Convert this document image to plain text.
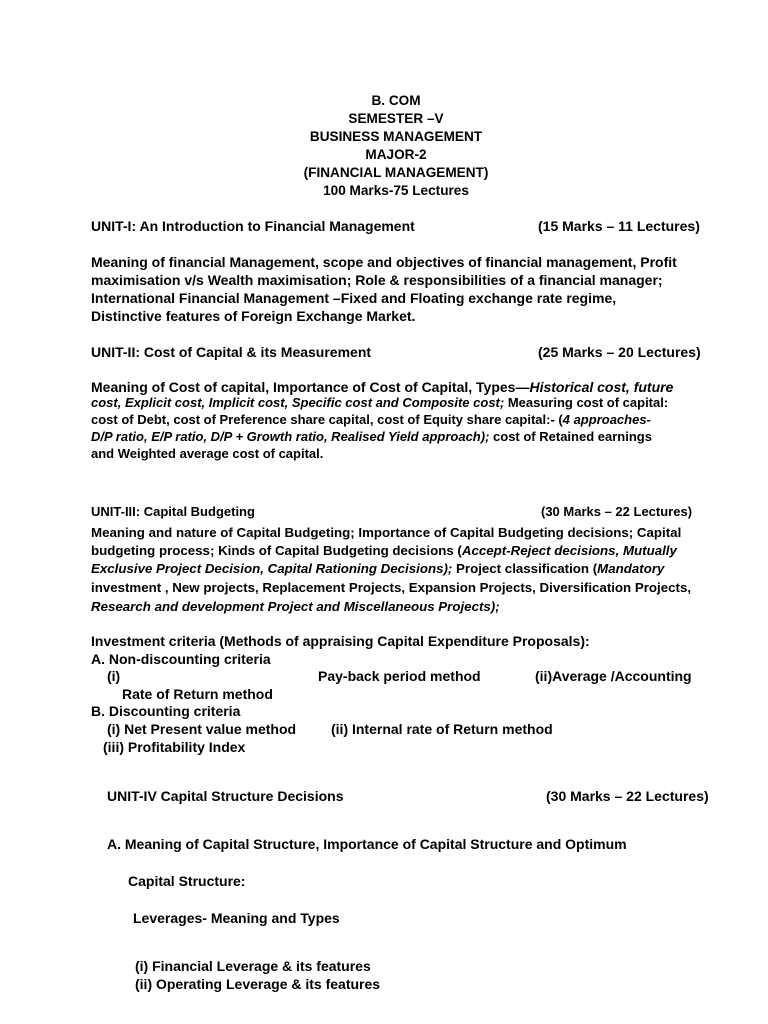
B. COM
SEMESTER –V
BUSINESS MANAGEMENT
MAJOR-2
(FINANCIAL MANAGEMENT)
100 Marks-75 Lectures
UNIT-I: An Introduction to Financial Management	(15 Marks – 11 Lectures)
Meaning of financial Management, scope and objectives of financial management, Profit
maximisation v/s Wealth maximisation; Role & responsibilities of a financial manager;
International Financial Management –Fixed and Floating exchange rate regime,
Distinctive features of Foreign Exchange Market.
UNIT-II: Cost of Capital & its Measurement	(25 Marks – 20 Lectures)
Meaning of Cost of capital, Importance of Cost of Capital, Types—Historical cost, future
cost, Explicit cost, Implicit cost, Specific cost and Composite cost; Measuring cost of capital:
cost of Debt, cost of Preference share capital, cost of Equity share capital:- (4 approaches-
D/P ratio, E/P ratio, D/P + Growth ratio, Realised Yield approach); cost of Retained earnings
and Weighted average cost of capital.
UNIT-III: Capital Budgeting	(30 Marks – 22 Lectures)
Meaning and nature of Capital Budgeting; Importance of Capital Budgeting decisions; Capital
budgeting process; Kinds of Capital Budgeting decisions (Accept-Reject decisions, Mutually
Exclusive Project Decision, Capital Rationing Decisions); Project classification (Mandatory
investment , New projects, Replacement Projects, Expansion Projects, Diversification Projects,
Research and development Project and Miscellaneous Projects);
Investment criteria (Methods of appraising Capital Expenditure Proposals):
A. Non-discounting criteria
(i)	Pay-back period method	(ii)Average /Accounting
Rate of Return method
B. Discounting criteria
(i) Net Present value method (ii) Internal rate of Return method
(iii) Profitability Index
UNIT-IV Capital Structure Decisions	(30 Marks – 22 Lectures)
A. Meaning of Capital Structure, Importance of Capital Structure and Optimum
Capital Structure:
Leverages- Meaning and Types
(i) Financial Leverage & its features
(ii) Operating Leverage & its features
